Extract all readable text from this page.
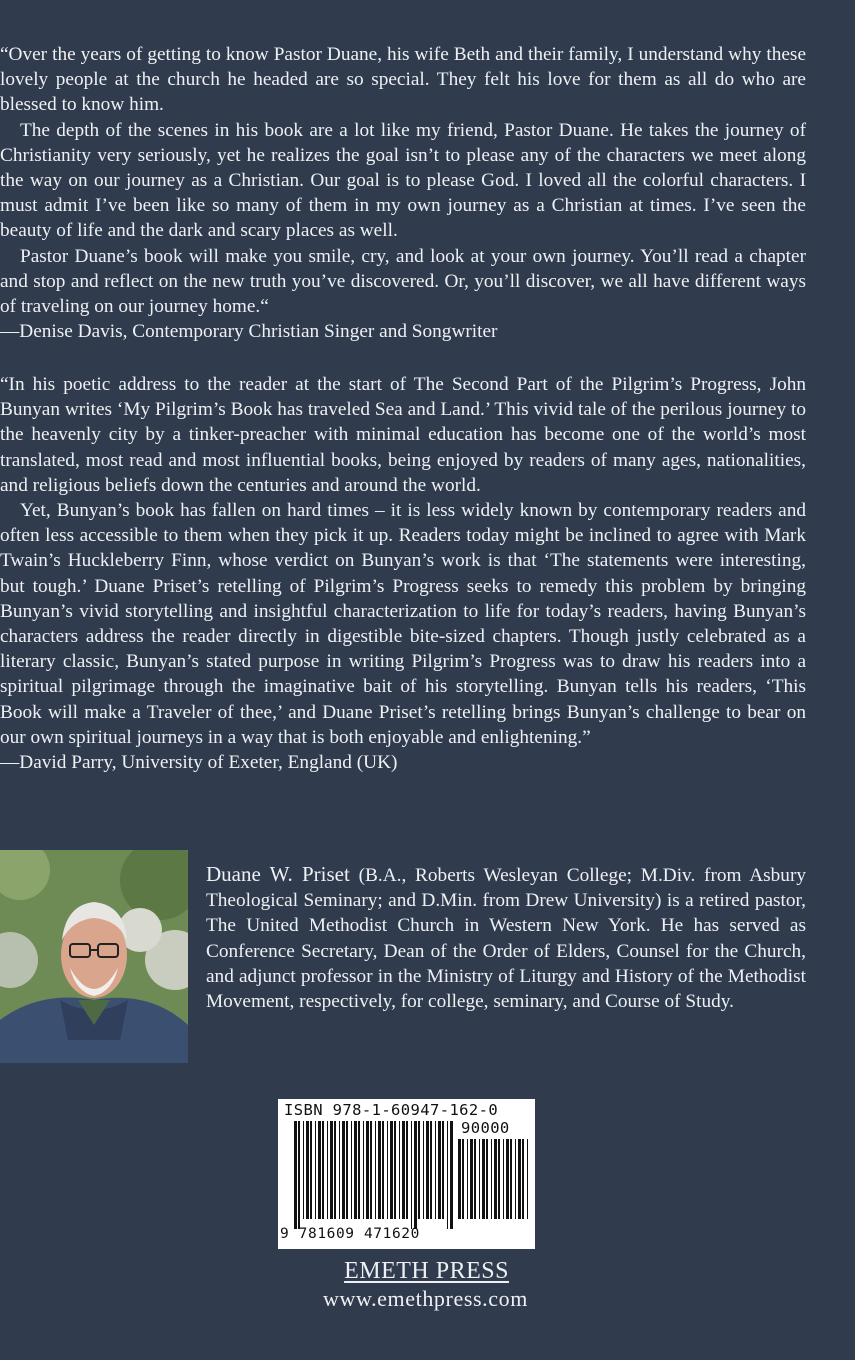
“Over the years of getting to know Pastor Duane, his wife Beth and their family, I understand why these lovely people at the church he headed are so special. They felt his love for them as all do who are blessed to know him.

The depth of the scenes in his book are a lot like my friend, Pastor Duane. He takes the journey of Christianity very seriously, yet he realizes the goal isn’t to please any of the characters we meet along the way on our journey as a Christian. Our goal is to please God. I loved all the colorful characters. I must admit I’ve been like so many of them in my own journey as a Christian at times. I’ve seen the beauty of life and the dark and scary places as well.

Pastor Duane’s book will make you smile, cry, and look at your own journey. You’ll read a chapter and stop and reflect on the new truth you’ve discovered. Or, you’ll discover, we all have different ways of traveling on our journey home.“

—Denise Davis, Contemporary Christian Singer and Songwriter

“In his poetic address to the reader at the start of The Second Part of the Pilgrim’s Progress, John Bunyan writes ‘My Pilgrim’s Book has traveled Sea and Land.’ This vivid tale of the perilous journey to the heavenly city by a tinker-preacher with minimal education has become one of the world’s most translated, most read and most influential books, being enjoyed by readers of many ages, nationalities, and religious beliefs down the centuries and around the world.

Yet, Bunyan’s book has fallen on hard times – it is less widely known by contemporary readers and often less accessible to them when they pick it up. Readers today might be inclined to agree with Mark Twain’s Huckleberry Finn, whose verdict on Bunyan’s work is that ‘The statements were interesting, but tough.’ Duane Priset’s retelling of Pilgrim’s Progress seeks to remedy this problem by bringing Bunyan’s vivid storytelling and insightful characterization to life for today’s readers, having Bunyan’s characters address the reader directly in digestible bite-sized chapters. Though justly celebrated as a literary classic, Bunyan’s stated purpose in writing Pilgrim’s Progress was to draw his readers into a spiritual pilgrimage through the imaginative bait of his storytelling. Bunyan tells his readers, ‘This Book will make a Traveler of thee,’ and Duane Priset’s retelling brings Bunyan’s challenge to bear on our own spiritual journeys in a way that is both enjoyable and enlightening.”

—David Parry, University of Exeter, England (UK)

Duane W. Priset (B.A., Roberts Wesleyan College; M.Div. from Asbury Theological Seminary; and D.Min. from Drew University) is a retired pastor, The United Methodist Church in Western New York. He has served as Conference Secretary, Dean of the Order of Elders, Counsel for the Church, and adjunct professor in the Ministry of Liturgy and History of the Methodist Movement, respectively, for college, seminary, and Course of Study.
ISBN 978-1-60947-162-0
90000
9 781609 471620
EMETH PRESS
www.emethpress.com
